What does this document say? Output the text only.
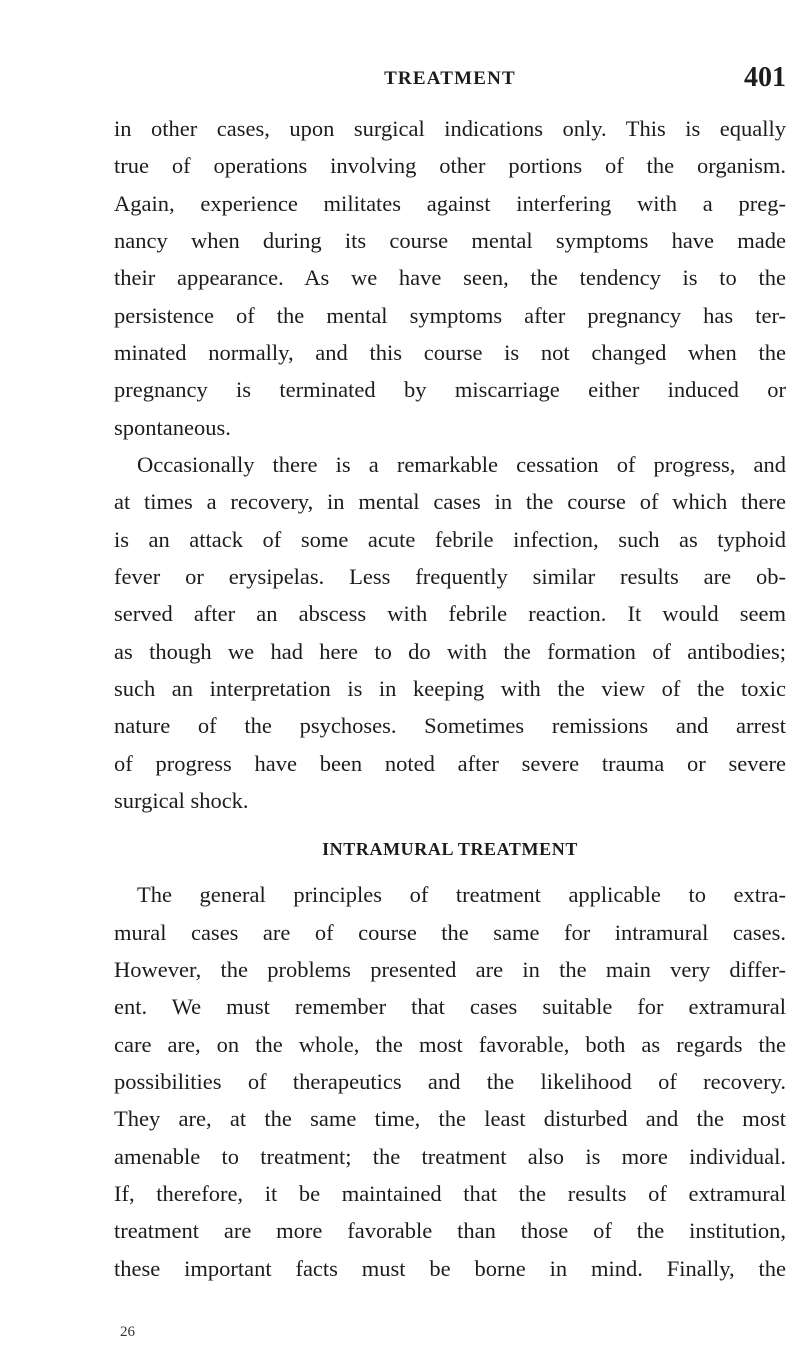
TREATMENT	401
in other cases, upon surgical indications only. This is equally
true of operations involving other portions of the organism.
Again, experience militates against interfering with a preg-
nancy when during its course mental symptoms have made
their appearance. As we have seen, the tendency is to the
persistence of the mental symptoms after pregnancy has ter-
minated normally, and this course is not changed when the
pregnancy is terminated by miscarriage either induced or
spontaneous.
Occasionally there is a remarkable cessation of progress, and
at times a recovery, in mental cases in the course of which there
is an attack of some acute febrile infection, such as typhoid
fever or erysipelas. Less frequently similar results are ob-
served after an abscess with febrile reaction. It would seem
as though we had here to do with the formation of antibodies;
such an interpretation is in keeping with the view of the toxic
nature of the psychoses. Sometimes remissions and arrest
of progress have been noted after severe trauma or severe
surgical shock.
INTRAMURAL TREATMENT
The general principles of treatment applicable to extra-
mural cases are of course the same for intramural cases.
However, the problems presented are in the main very differ-
ent. We must remember that cases suitable for extramural
care are, on the whole, the most favorable, both as regards the
possibilities of therapeutics and the likelihood of recovery.
They are, at the same time, the least disturbed and the most
amenable to treatment; the treatment also is more individual.
If, therefore, it be maintained that the results of extramural
treatment are more favorable than those of the institution,
these important facts must be borne in mind. Finally, the
26
